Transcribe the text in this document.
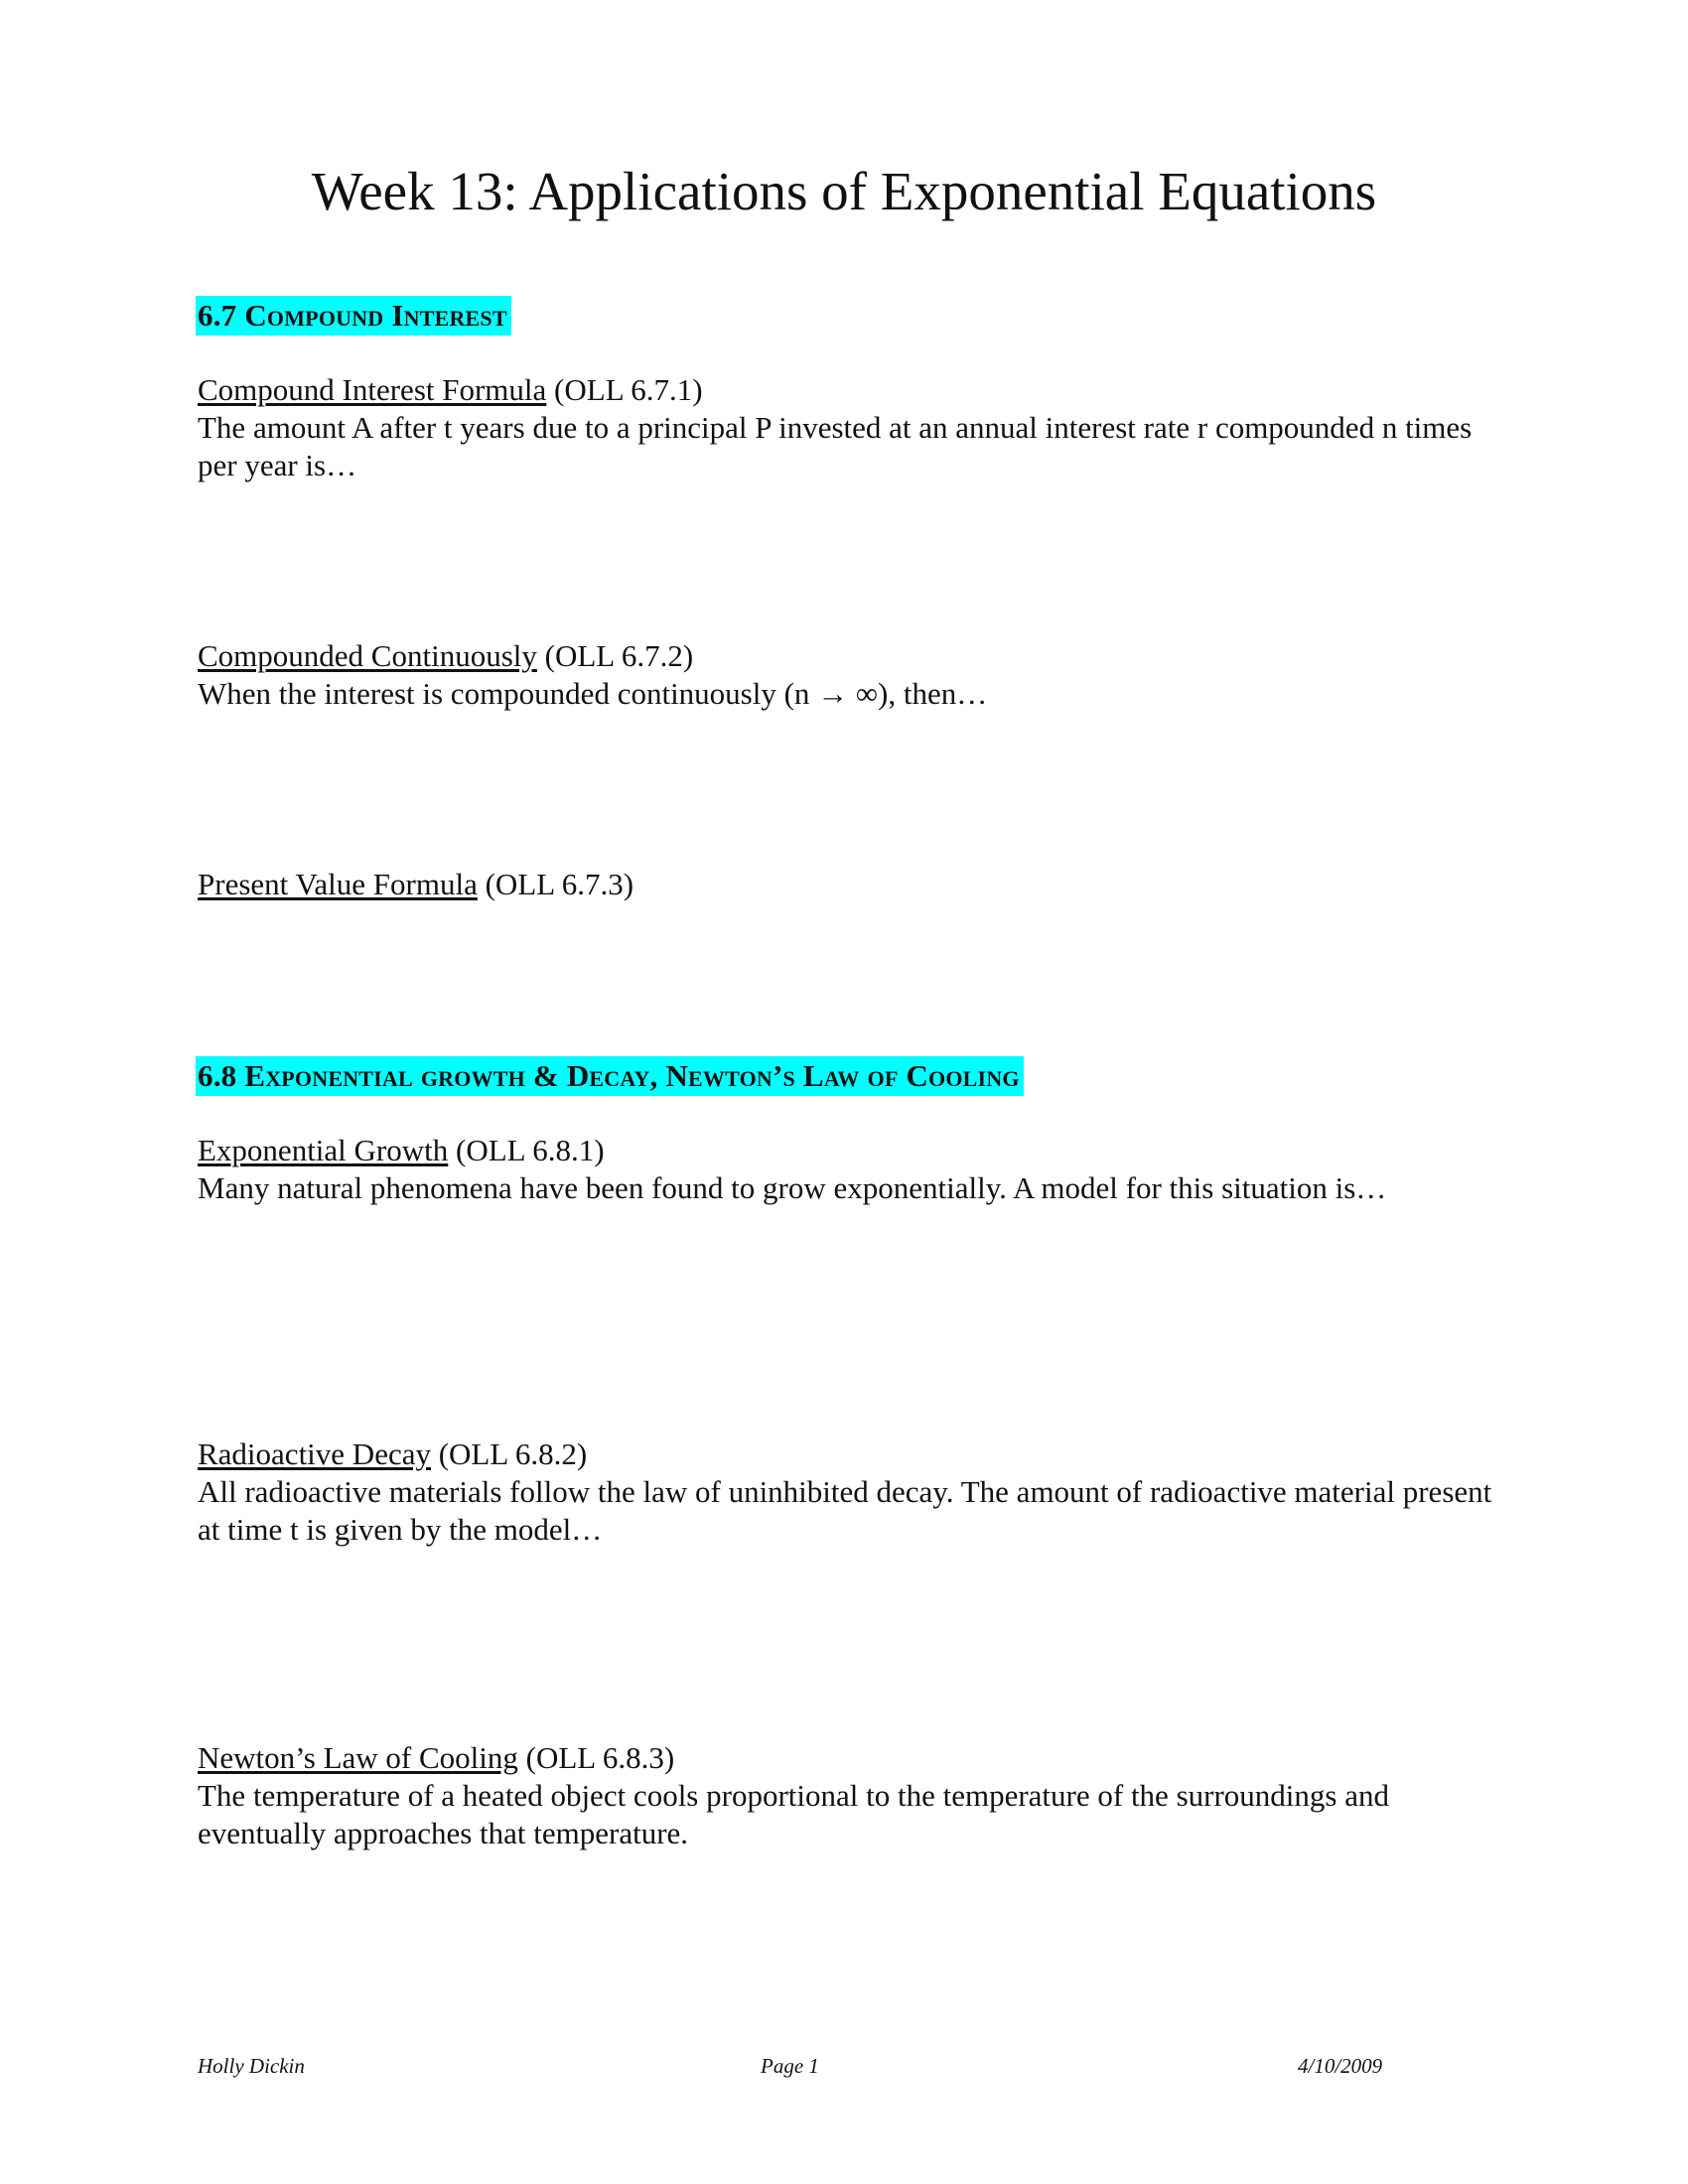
Week 13: Applications of Exponential Equations
6.7 Compound Interest
Compound Interest Formula (OLL 6.7.1)
The amount A after t years due to a principal P invested at an annual interest rate r compounded n times per year is…
Compounded Continuously (OLL 6.7.2)
When the interest is compounded continuously (n → ∞), then…
Present Value Formula (OLL 6.7.3)
6.8 Exponential growth & Decay, Newton’s Law of Cooling
Exponential Growth (OLL 6.8.1)
Many natural phenomena have been found to grow exponentially. A model for this situation is…
Radioactive Decay (OLL 6.8.2)
All radioactive materials follow the law of uninhibited decay. The amount of radioactive material present at time t is given by the model…
Newton’s Law of Cooling (OLL 6.8.3)
The temperature of a heated object cools proportional to the temperature of the surroundings and eventually approaches that temperature.
Holly Dickin	Page 1	4/10/2009
